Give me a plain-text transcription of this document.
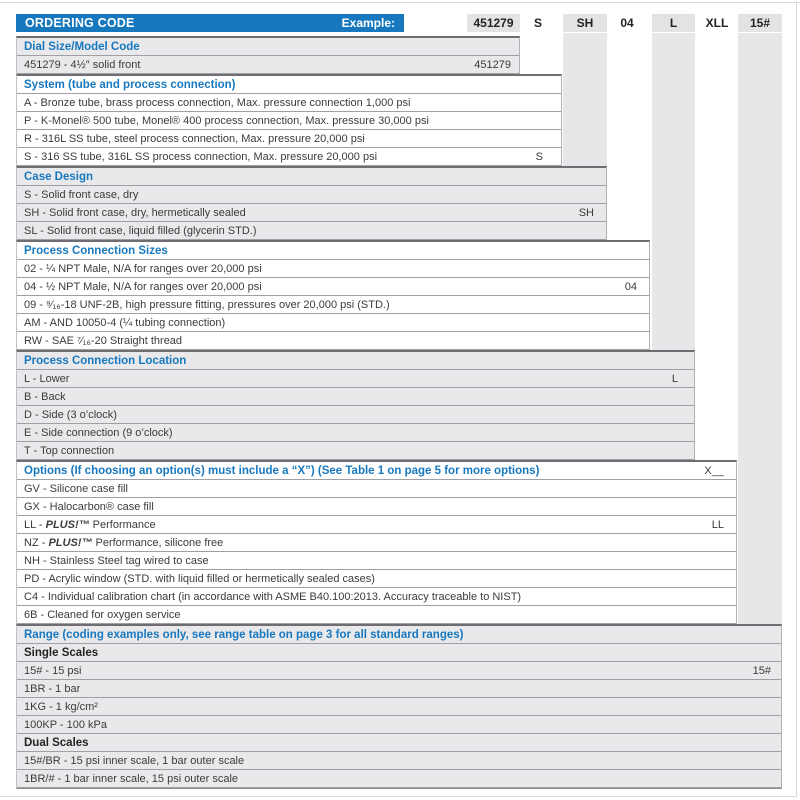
ORDERING CODE	Example:	451279	S	SH	04	L	XLL	15#
Dial Size/Model Code
451279 - 4½″ solid front	451279
System (tube and process connection)
A - Bronze tube, brass process connection, Max. pressure connection 1,000 psi
P - K-Monel® 500 tube, Monel® 400 process connection, Max. pressure 30,000 psi
R - 316L SS tube, steel process connection, Max. pressure 20,000 psi
S - 316 SS tube, 316L SS process connection, Max. pressure 20,000 psi	S
Case Design
S - Solid front case, dry
SH - Solid front case, dry, hermetically sealed	SH
SL - Solid front case, liquid filled (glycerin STD.)
Process Connection Sizes
02 - ¼ NPT Male, N/A for ranges over 20,000 psi
04 - ½ NPT Male, N/A for ranges over 20,000 psi	04
09 - ⁹⁄₁₆-18 UNF-2B, high pressure fitting, pressures over 20,000 psi (STD.)
AM - AND 10050-4 (¼ tubing connection)
RW - SAE ⁷⁄₁₆-20 Straight thread
Process Connection Location
L - Lower	L
B - Back
D - Side (3 o’clock)
E - Side connection (9 o’clock)
T - Top connection
Options (If choosing an option(s) must include a “X”) (See Table 1 on page 5 for more options)	X__
GV - Silicone case fill
GX - Halocarbon® case fill
LL - PLUS!™ Performance	LL
NZ - PLUS!™ Performance, silicone free
NH - Stainless Steel tag wired to case
PD - Acrylic window (STD. with liquid filled or hermetically sealed cases)
C4 - Individual calibration chart (in accordance with ASME B40.100:2013. Accuracy traceable to NIST)
6B - Cleaned for oxygen service
Range (coding examples only, see range table on page 3 for all standard ranges)
Single Scales
15# - 15 psi	15#
1BR - 1 bar
1KG - 1 kg/cm²
100KP - 100 kPa
Dual Scales
15#/BR - 15 psi inner scale, 1 bar outer scale
1BR/# - 1 bar inner scale, 15 psi outer scale
